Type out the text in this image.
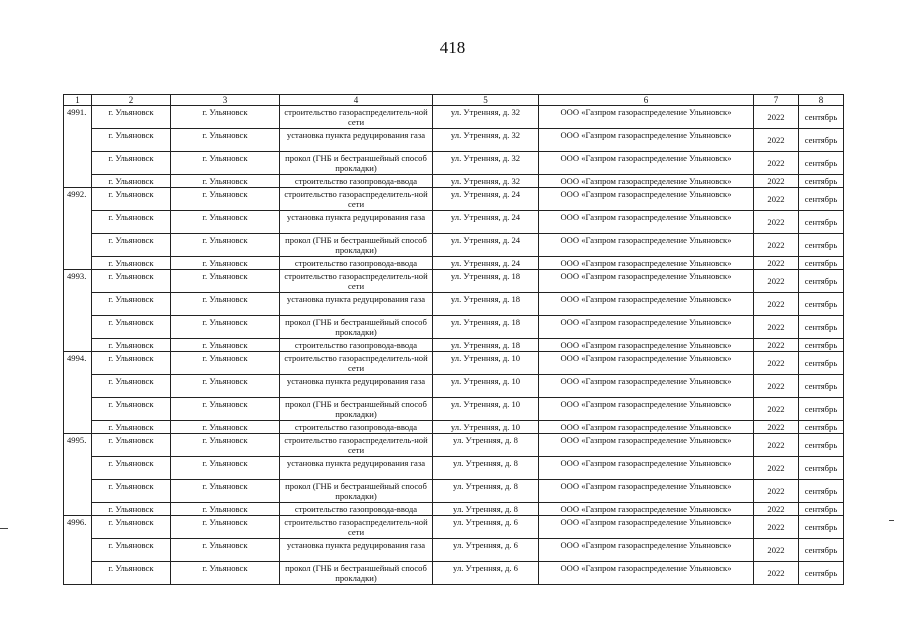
418
1	2	3	4	5	6	7	8
4991.	г. Ульяновск	г. Ульяновск	строительство газораспределитель-ной сети	ул. Утренняя, д. 32	ООО «Газпром газораспределение Ульяновск»	2022	сентябрь
	г. Ульяновск	г. Ульяновск	установка пункта редуцирования газа	ул. Утренняя, д. 32	ООО «Газпром газораспределение Ульяновск»	2022	сентябрь
	г. Ульяновск	г. Ульяновск	прокол (ГНБ и бестраншейный способ прокладки)	ул. Утренняя, д. 32	ООО «Газпром газораспределение Ульяновск»	2022	сентябрь
	г. Ульяновск	г. Ульяновск	строительство газопровода-ввода	ул. Утренняя, д. 32	ООО «Газпром газораспределение Ульяновск»	2022	сентябрь
4992.	г. Ульяновск	г. Ульяновск	строительство газораспределитель-ной сети	ул. Утренняя, д. 24	ООО «Газпром газораспределение Ульяновск»	2022	сентябрь
	г. Ульяновск	г. Ульяновск	установка пункта редуцирования газа	ул. Утренняя, д. 24	ООО «Газпром газораспределение Ульяновск»	2022	сентябрь
	г. Ульяновск	г. Ульяновск	прокол (ГНБ и бестраншейный способ прокладки)	ул. Утренняя, д. 24	ООО «Газпром газораспределение Ульяновск»	2022	сентябрь
	г. Ульяновск	г. Ульяновск	строительство газопровода-ввода	ул. Утренняя, д. 24	ООО «Газпром газораспределение Ульяновск»	2022	сентябрь
4993.	г. Ульяновск	г. Ульяновск	строительство газораспределитель-ной сети	ул. Утренняя, д. 18	ООО «Газпром газораспределение Ульяновск»	2022	сентябрь
	г. Ульяновск	г. Ульяновск	установка пункта редуцирования газа	ул. Утренняя, д. 18	ООО «Газпром газораспределение Ульяновск»	2022	сентябрь
	г. Ульяновск	г. Ульяновск	прокол (ГНБ и бестраншейный способ прокладки)	ул. Утренняя, д. 18	ООО «Газпром газораспределение Ульяновск»	2022	сентябрь
	г. Ульяновск	г. Ульяновск	строительство газопровода-ввода	ул. Утренняя, д. 18	ООО «Газпром газораспределение Ульяновск»	2022	сентябрь
4994.	г. Ульяновск	г. Ульяновск	строительство газораспределитель-ной сети	ул. Утренняя, д. 10	ООО «Газпром газораспределение Ульяновск»	2022	сентябрь
	г. Ульяновск	г. Ульяновск	установка пункта редуцирования газа	ул. Утренняя, д. 10	ООО «Газпром газораспределение Ульяновск»	2022	сентябрь
	г. Ульяновск	г. Ульяновск	прокол (ГНБ и бестраншейный способ прокладки)	ул. Утренняя, д. 10	ООО «Газпром газораспределение Ульяновск»	2022	сентябрь
	г. Ульяновск	г. Ульяновск	строительство газопровода-ввода	ул. Утренняя, д. 10	ООО «Газпром газораспределение Ульяновск»	2022	сентябрь
4995.	г. Ульяновск	г. Ульяновск	строительство газораспределитель-ной сети	ул. Утренняя, д. 8	ООО «Газпром газораспределение Ульяновск»	2022	сентябрь
	г. Ульяновск	г. Ульяновск	установка пункта редуцирования газа	ул. Утренняя, д. 8	ООО «Газпром газораспределение Ульяновск»	2022	сентябрь
	г. Ульяновск	г. Ульяновск	прокол (ГНБ и бестраншейный способ прокладки)	ул. Утренняя, д. 8	ООО «Газпром газораспределение Ульяновск»	2022	сентябрь
	г. Ульяновск	г. Ульяновск	строительство газопровода-ввода	ул. Утренняя, д. 8	ООО «Газпром газораспределение Ульяновск»	2022	сентябрь
4996.	г. Ульяновск	г. Ульяновск	строительство газораспределитель-ной сети	ул. Утренняя, д. 6	ООО «Газпром газораспределение Ульяновск»	2022	сентябрь
	г. Ульяновск	г. Ульяновск	установка пункта редуцирования газа	ул. Утренняя, д. 6	ООО «Газпром газораспределение Ульяновск»	2022	сентябрь
	г. Ульяновск	г. Ульяновск	прокол (ГНБ и бестраншейный способ прокладки)	ул. Утренняя, д. 6	ООО «Газпром газораспределение Ульяновск»	2022	сентябрь
